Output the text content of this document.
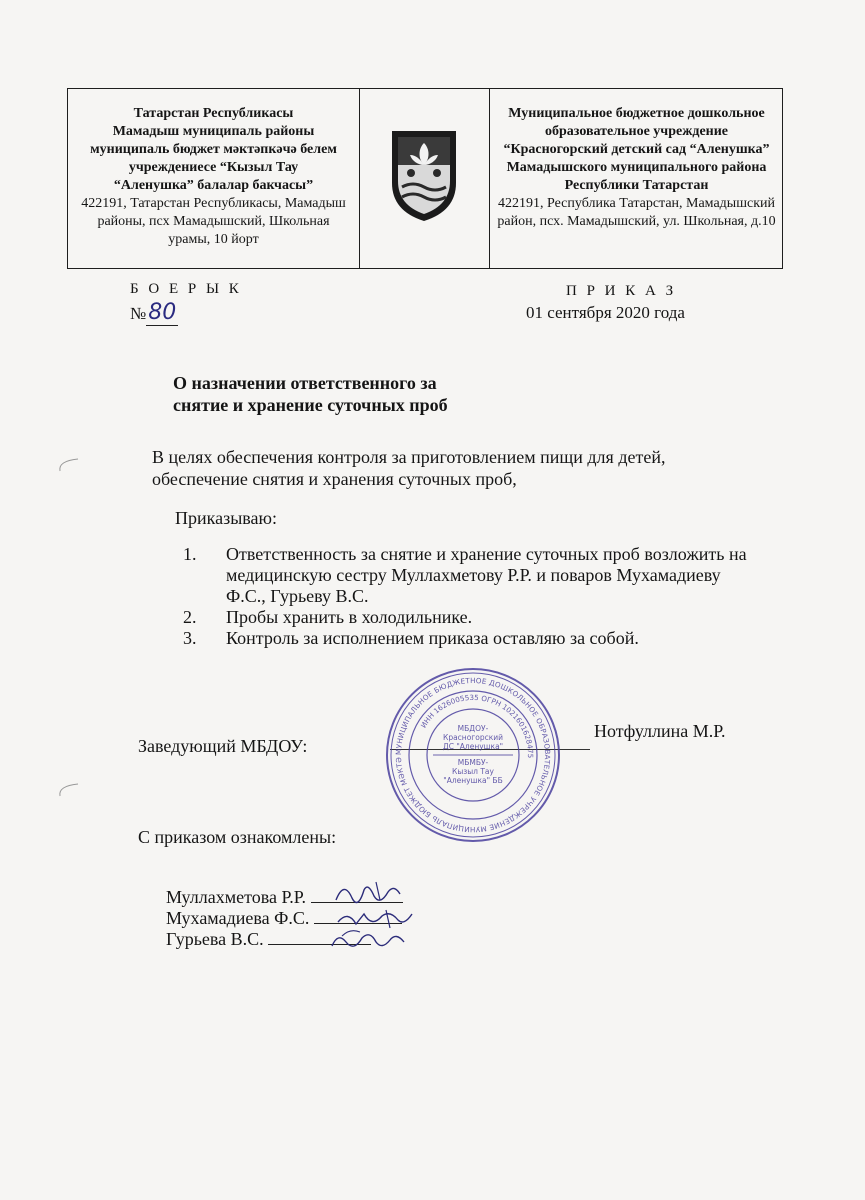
Татарстан Республикасы
Мамадыш муниципаль районы
муниципаль бюджет мәктәпкәчә белем
учреждениесе “Кызыл Тау
“Аленушка” балалар бакчасы”
422191, Татарстан Республикасы, Мамадыш
районы, псх Мамадышский, Школьная
урамы, 10 йорт
Муниципальное бюджетное дошкольное
образовательное учреждение
“Красногорский детский сад “Аленушка”
Мамадышского муниципального района
Республики Татарстан
422191, Республика Татарстан, Мамадышский
район, псх. Мамадышский, ул. Школьная, д.10
Б О Е Р Ы К
№80
П Р И К А З
01 сентября 2020 года
О назначении ответственного за
снятие и хранение суточных проб
В целях обеспечения контроля за приготовлением пищи для детей,
обеспечение снятия и хранения суточных проб,
Приказываю:
1. Ответственность за снятие и хранение суточных проб возложить на
медицинскую сестру Муллахметову Р.Р. и поваров Мухамадиеву
Ф.С., Гурьеву В.С.
2. Пробы хранить в холодильнике.
3. Контроль за исполнением приказа оставляю за собой.
Заведующий МБДОУ:
Нотфуллина М.Р.
МУНИЦИПАЛЬНОЕ БЮДЖЕТНОЕ ДОШКОЛЬНОЕ ОБРАЗОВАТЕЛЬНОЕ УЧРЕЖДЕНИЕ МУНИЦИПАЛЬ БЮДЖЕТ МӘКТӘ
ИНН 1626005535 ОГРН 1021601628475
МБДОУ-
Красногорский
ДС "Аленушка"
МБМБУ-
Кызыл Тау
"Аленушка" ББ
С приказом ознакомлены:
Муллахметова Р.Р.
Мухамадиева Ф.С.
Гурьева В.С.
